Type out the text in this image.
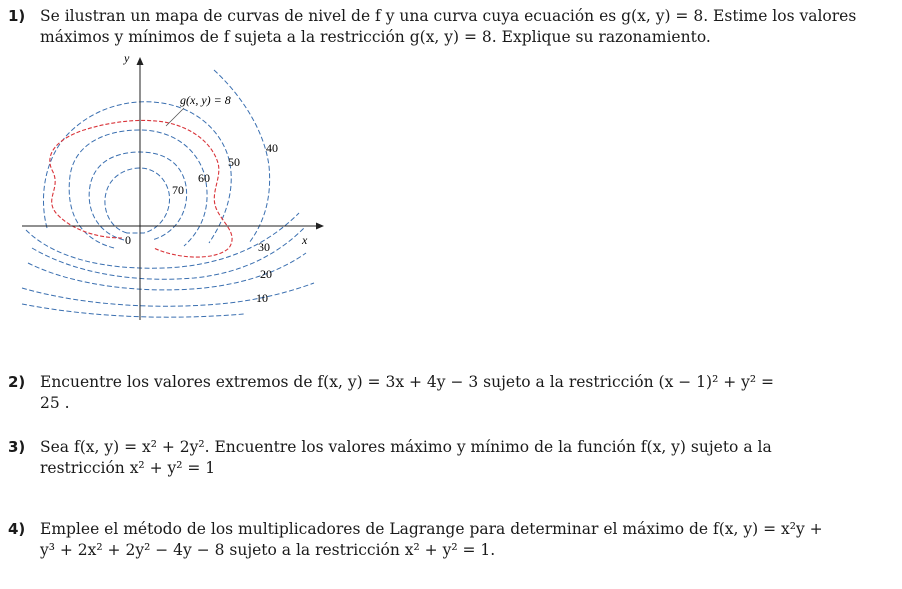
1) Se ilustran un mapa de curvas de nivel de f y una curva cuya ecuación es g(x, y) = 8. Estime los valores
máximos y mínimos de f sujeta a la restricción g(x, y) = 8. Explique su razonamiento.
y
x
0
g(x, y) = 8
70
60
50
40
30
20
10
2) Encuentre los valores extremos de f(x, y) = 3x + 4y − 3 sujeto a la restricción (x − 1)² + y² =
25 .
3) Sea f(x, y) = x² + 2y². Encuentre los valores máximo y mínimo de la función f(x, y) sujeto a la
restricción x² + y² = 1
4) Emplee el método de los multiplicadores de Lagrange para determinar el máximo de f(x, y) = x²y +
y³ + 2x² + 2y² − 4y − 8 sujeto a la restricción x² + y² = 1.
